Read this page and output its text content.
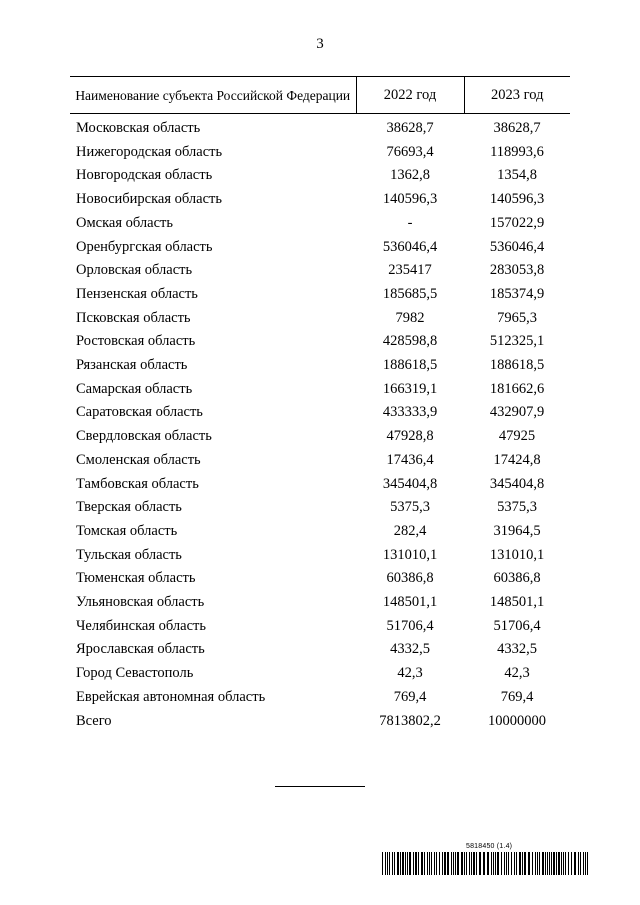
3
Наименование субъекта Российской Федерации	2022 год	2023 год
Московская область	38628,7	38628,7
Нижегородская область	76693,4	118993,6
Новгородская область	1362,8	1354,8
Новосибирская область	140596,3	140596,3
Омская область	-	157022,9
Оренбургская область	536046,4	536046,4
Орловская область	235417	283053,8
Пензенская область	185685,5	185374,9
Псковская область	7982	7965,3
Ростовская область	428598,8	512325,1
Рязанская область	188618,5	188618,5
Самарская область	166319,1	181662,6
Саратовская область	433333,9	432907,9
Свердловская область	47928,8	47925
Смоленская область	17436,4	17424,8
Тамбовская область	345404,8	345404,8
Тверская область	5375,3	5375,3
Томская область	282,4	31964,5
Тульская область	131010,1	131010,1
Тюменская область	60386,8	60386,8
Ульяновская область	148501,1	148501,1
Челябинская область	51706,4	51706,4
Ярославская область	4332,5	4332,5
Город Севастополь	42,3	42,3
Еврейская автономная область	769,4	769,4
Всего	7813802,2	10000000
5818450 (1.4)
